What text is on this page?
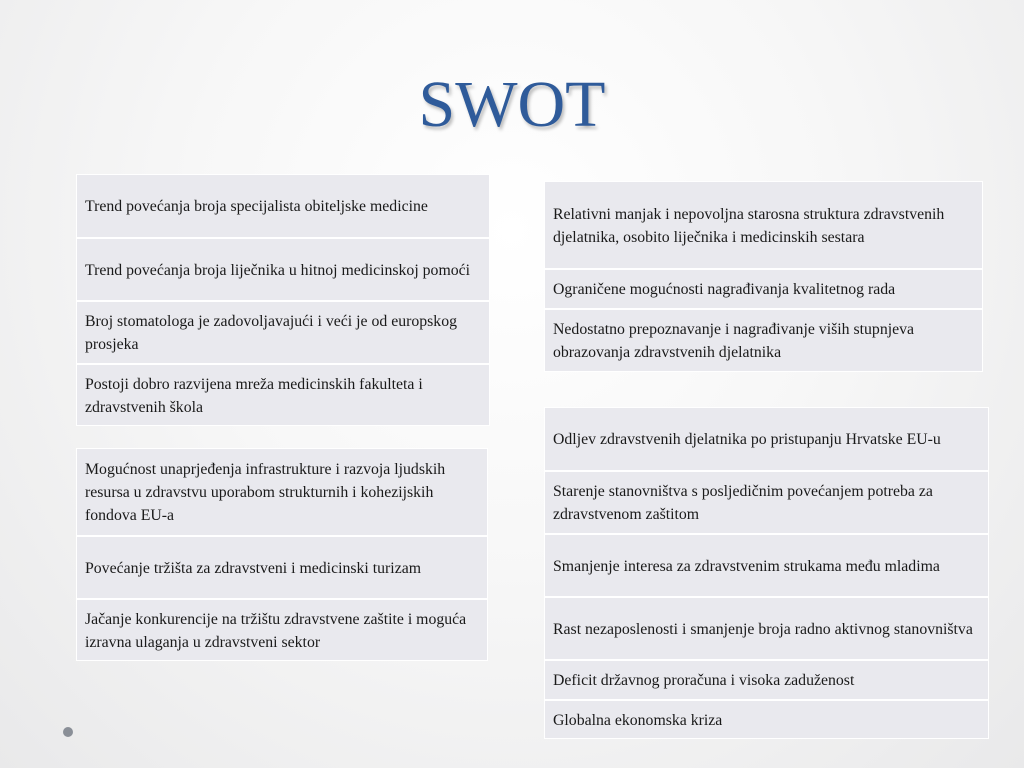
SWOT
Trend povećanja broja specijalista obiteljske medicine
Trend povećanja broja liječnika u hitnoj medicinskoj pomoći
Broj stomatologa je zadovoljavajući i veći je od europskog prosjeka
Postoji dobro razvijena mreža medicinskih fakulteta i zdravstvenih škola
Relativni manjak i nepovoljna starosna struktura zdravstvenih djelatnika, osobito liječnika i medicinskih sestara
Ograničene mogućnosti nagrađivanja kvalitetnog rada
Nedostatno prepoznavanje i nagrađivanje viših stupnjeva obrazovanja zdravstvenih djelatnika
Mogućnost unaprjeđenja infrastrukture i razvoja ljudskih resursa u zdravstvu uporabom strukturnih i kohezijskih fondova EU-a
Povećanje tržišta za zdravstveni i medicinski turizam
Jačanje konkurencije na tržištu zdravstvene zaštite i moguća izravna ulaganja u zdravstveni sektor
Odljev zdravstvenih djelatnika po pristupanju Hrvatske EU-u
Starenje stanovništva s posljedičnim povećanjem potreba za zdravstvenom zaštitom
Smanjenje interesa za zdravstvenim strukama među mladima
Rast nezaposlenosti i smanjenje broja radno aktivnog stanovništva
Deficit državnog proračuna i visoka zaduženost
Globalna ekonomska kriza
